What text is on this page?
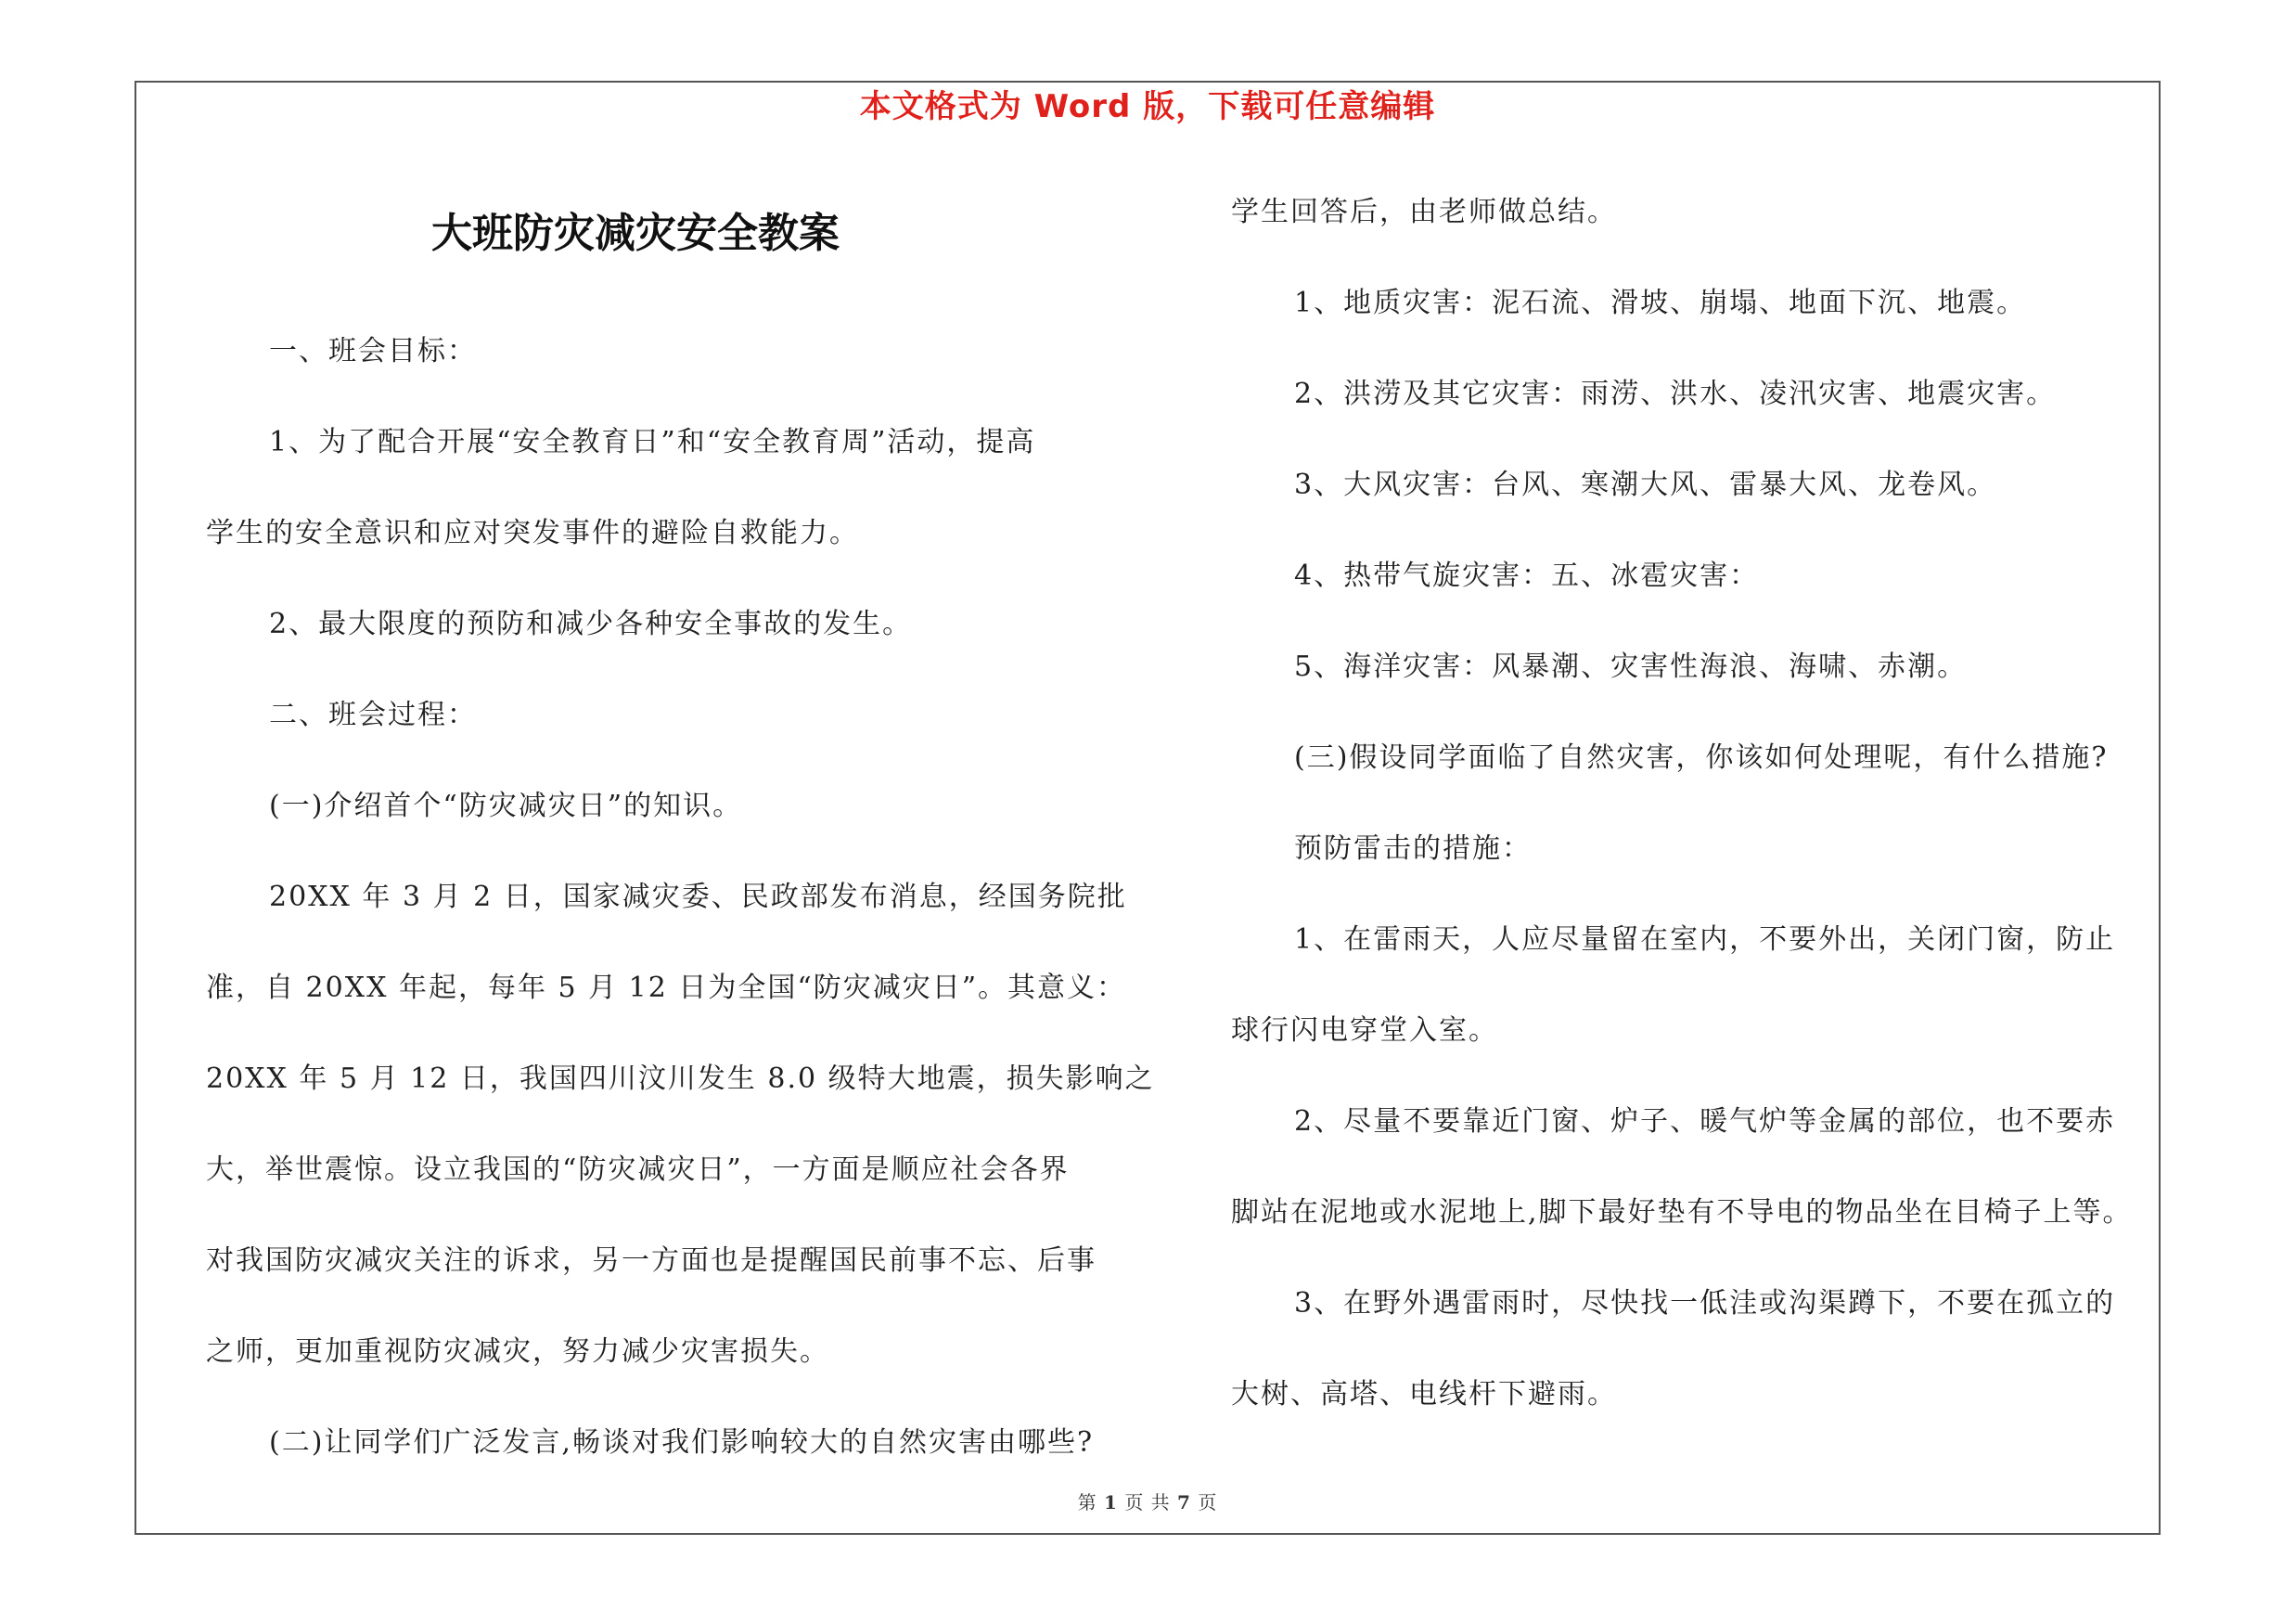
本文格式为 Word 版，下载可任意编辑
大班防灾减灾安全教案
一、班会目标：
1、为了配合开展“安全教育日”和“安全教育周”活动，提高
学生的安全意识和应对突发事件的避险自救能力。
2、最大限度的预防和减少各种安全事故的发生。
二、班会过程：
(一)介绍首个“防灾减灾日”的知识。
20XX 年 3 月 2 日，国家减灾委、民政部发布消息，经国务院批
准，自 20XX 年起，每年 5 月 12 日为全国“防灾减灾日”。其意义：
20XX 年 5 月 12 日，我国四川汶川发生 8.0 级特大地震，损失影响之
大，举世震惊。设立我国的“防灾减灾日”，一方面是顺应社会各界
对我国防灾减灾关注的诉求，另一方面也是提醒国民前事不忘、后事
之师，更加重视防灾减灾，努力减少灾害损失。
(二)让同学们广泛发言,畅谈对我们影响较大的自然灾害由哪些?
学生回答后，由老师做总结。
1、地质灾害：泥石流、滑坡、崩塌、地面下沉、地震。
2、洪涝及其它灾害：雨涝、洪水、凌汛灾害、地震灾害。
3、大风灾害：台风、寒潮大风、雷暴大风、龙卷风。
4、热带气旋灾害：五、冰雹灾害：
5、海洋灾害：风暴潮、灾害性海浪、海啸、赤潮。
(三)假设同学面临了自然灾害，你该如何处理呢，有什么措施?
预防雷击的措施：
1、在雷雨天，人应尽量留在室内，不要外出，关闭门窗，防止
球行闪电穿堂入室。
2、尽量不要靠近门窗、炉子、暖气炉等金属的部位，也不要赤
脚站在泥地或水泥地上,脚下最好垫有不导电的物品坐在目椅子上等。
3、在野外遇雷雨时，尽快找一低洼或沟渠蹲下，不要在孤立的
大树、高塔、电线杆下避雨。
第 1 页 共 7 页
